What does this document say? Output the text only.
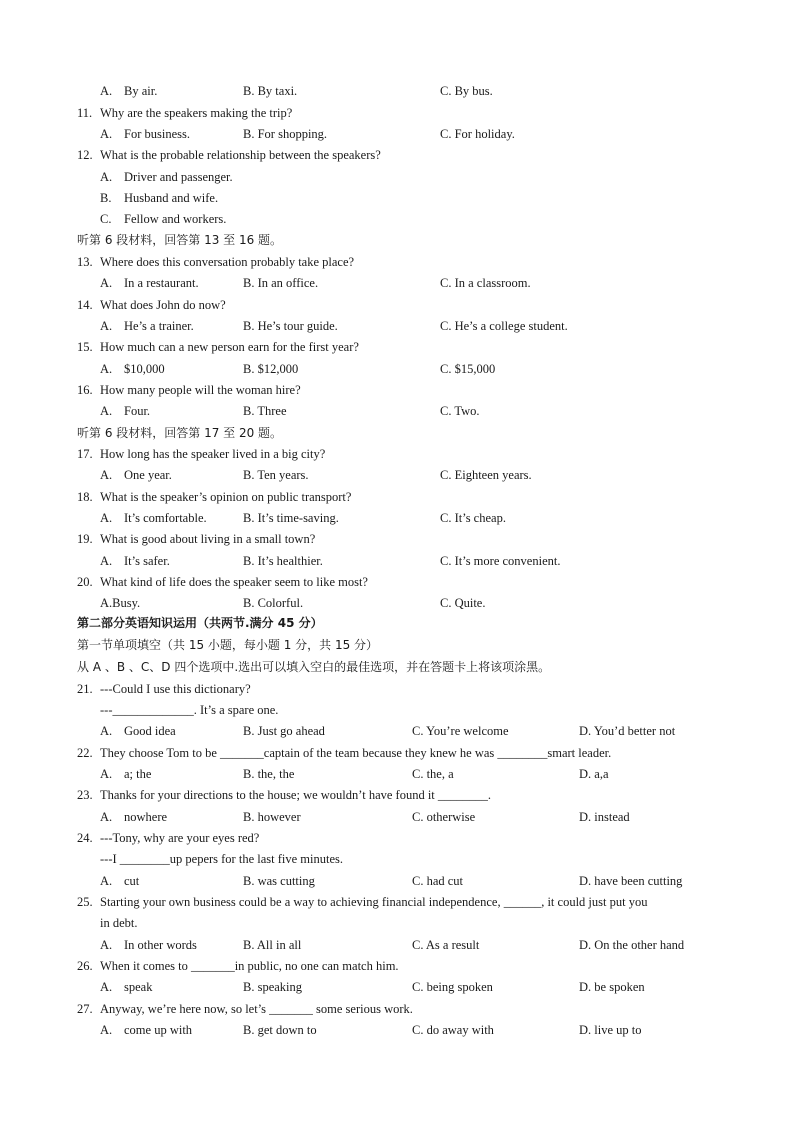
A. By air.	B. By taxi.	C. By bus.
11. Why are the speakers making the trip?
A. For business.	B. For shopping.	C. For holiday.
12. What is the probable relationship between the speakers?
A. Driver and passenger.
B. Husband and wife.
C. Fellow and workers.
听第 6 段材料，回答第 13 至 16 题。
13. Where does this conversation probably take place?
A. In a restaurant.	B. In an office.	C. In a classroom.
14. What does John do now?
A. He’s a trainer.	B. He’s tour guide.	C. He’s a college student.
15. How much can a new person earn for the first year?
A. $10,000	B. $12,000	C. $15,000
16. How many people will the woman hire?
A. Four.	B. Three	C. Two.
听第 6 段材料，回答第 17 至 20 题。
17. How long has the speaker lived in a big city?
A. One year.	B. Ten years.	C. Eighteen years.
18. What is the speaker’s opinion on public transport?
A. It’s comfortable.	B. It’s time-saving.	C. It’s cheap.
19. What is good about living in a small town?
A. It’s safer.	B. It’s healthier.	C. It’s more convenient.
20. What kind of life does the speaker seem to like most?
A.Busy.	B. Colorful.	C. Quite.
第二部分英语知识运用（共两节.满分 45 分）
第一节单项填空（共 15 小题，每小题 1 分，共 15 分）
从 A 、B 、C、D 四个选项中.选出可以填入空白的最佳选项，并在答题卡上将该项涂黑。
21. ---Could I use this dictionary?
---_____________. It’s a spare one.
A. Good idea	B. Just go ahead	C. You’re welcome	D. You’d better not
22. They choose Tom to be _______captain of the team because they knew he was ________smart leader.
A. a; the	B. the, the	C. the, a	D. a,a
23. Thanks for your directions to the house; we wouldn’t have found it ________.
A. nowhere	B. however	C. otherwise	D. instead
24. ---Tony, why are your eyes red?
---I ________up pepers for the last five minutes.
A. cut	B. was cutting	C. had cut	D. have been cutting
25. Starting your own business could be a way to achieving financial independence, ______, it could just put you
in debt.
A. In other words	B. All in all	C. As a result	D. On the other hand
26. When it comes to _______in public, no one can match him.
A. speak	B. speaking	C. being spoken	D. be spoken
27. Anyway, we’re here now, so let’s _______ some serious work.
A. come up with	B. get down to	C. do away with	D. live up to
